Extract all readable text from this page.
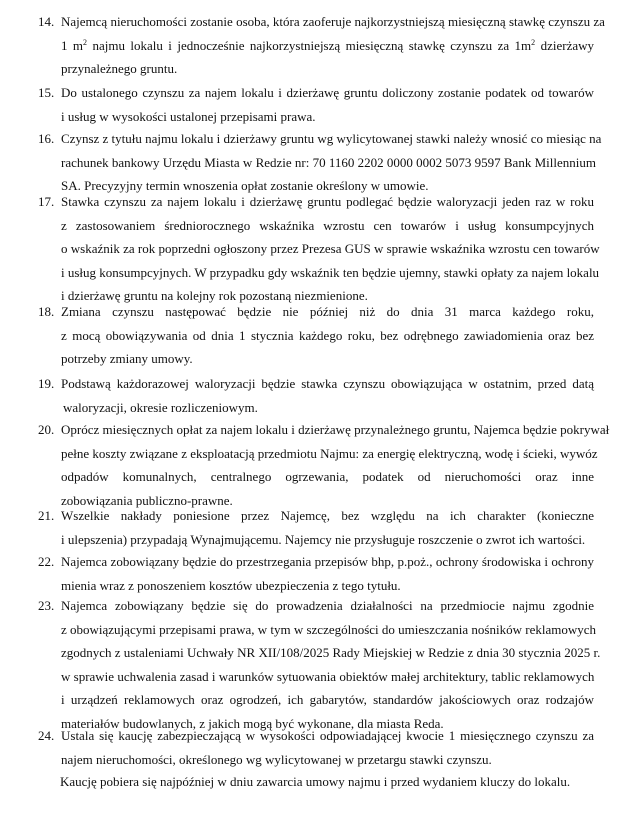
14. Najemcą nieruchomości zostanie osoba, która zaoferuje najkorzystniejszą miesięczną stawkę czynszu za
1 $m^2$ najmu lokalu i jednocześnie najkorzystniejszą miesięczną stawkę czynszu za $1m^2$ dzierżawy
przynależnego gruntu.
15. Do ustalonego czynszu za najem lokalu i dzierżawę gruntu doliczony zostanie podatek od towarów
i usług w wysokości ustalonej przepisami prawa.
16. Czynsz z tytułu najmu lokalu i dzierżawy gruntu wg wylicytowanej stawki należy wnosić co miesiąc na
rachunek bankowy Urzędu Miasta w Redzie nr: 70 1160 2202 0000 0002 5073 9597 Bank Millennium
SA. Precyzyjny termin wnoszenia opłat zostanie określony w umowie.
17. Stawka czynszu za najem lokalu i dzierżawę gruntu podlegać będzie waloryzacji jeden raz w roku
z zastosowaniem średniorocznego wskaźnika wzrostu cen towarów i usług konsumpcyjnych
o wskaźnik za rok poprzedni ogłoszony przez Prezesa GUS w sprawie wskaźnika wzrostu cen towarów
i usług konsumpcyjnych. W przypadku gdy wskaźnik ten będzie ujemny, stawki opłaty za najem lokalu
i dzierżawę gruntu na kolejny rok pozostaną niezmienione.
18. Zmiana czynszu następować będzie nie później niż do dnia 31 marca każdego roku,
z mocą obowiązywania od dnia 1 stycznia każdego roku, bez odrębnego zawiadomienia oraz bez
potrzeby zmiany umowy.
19. Podstawą każdorazowej waloryzacji będzie stawka czynszu obowiązująca w ostatnim, przed datą
waloryzacji, okresie rozliczeniowym.
20. Oprócz miesięcznych opłat za najem lokalu i dzierżawę przynależnego gruntu, Najemca będzie pokrywał
pełne koszty związane z eksploatacją przedmiotu Najmu: za energię elektryczną, wodę i ścieki, wywóz
odpadów komunalnych, centralnego ogrzewania, podatek od nieruchomości oraz inne
zobowiązania publiczno-prawne.
21. Wszelkie nakłady poniesione przez Najemcę, bez względu na ich charakter (konieczne
i ulepszenia) przypadają Wynajmującemu. Najemcy nie przysługuje roszczenie o zwrot ich wartości.
22. Najemca zobowiązany będzie do przestrzegania przepisów bhp, p.poż., ochrony środowiska i ochrony
mienia wraz z ponoszeniem kosztów ubezpieczenia z tego tytułu.
23. Najemca zobowiązany będzie się do prowadzenia działalności na przedmiocie najmu zgodnie
z obowiązującymi przepisami prawa, w tym w szczególności do umieszczania nośników reklamowych
zgodnych z ustaleniami Uchwały NR XII/108/2025 Rady Miejskiej w Redzie z dnia 30 stycznia 2025 r.
w sprawie uchwalenia zasad i warunków sytuowania obiektów małej architektury, tablic reklamowych
i urządzeń reklamowych oraz ogrodzeń, ich gabarytów, standardów jakościowych oraz rodzajów
materiałów budowlanych, z jakich mogą być wykonane, dla miasta Reda.
24. Ustala się kaucję zabezpieczającą w wysokości odpowiadającej kwocie 1 miesięcznego czynszu za
najem nieruchomości, określonego wg wylicytowanej w przetargu stawki czynszu.
Kaucję pobiera się najpóźniej w dniu zawarcia umowy najmu i przed wydaniem kluczy do lokalu.
